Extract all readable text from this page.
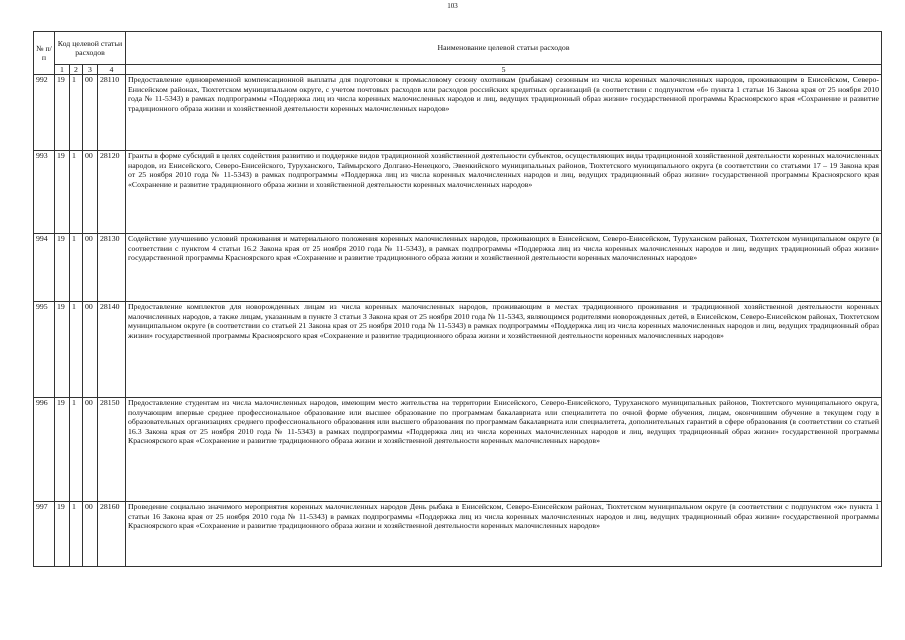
103
№ п/п	Код целевой статьи расходов				Наименование целевой статьи расходов
	1	2	3	4	5
992	19	1	00	28110	Предоставление единовременной компенсационной выплаты для подготовки к промысловому сезону охотникам (рыбакам) сезонным из числа коренных малочисленных народов, проживающим в Енисейском, Северо-Енисейском районах, Тюхтетском муниципальном округе, с учетом почтовых расходов или расходов российских кредитных организаций (в соответствии с подпунктом «б» пункта 1 статьи 16 Закона края от 25 ноября 2010 года № 11-5343) в рамках подпрограммы «Поддержка лиц из числа коренных малочисленных народов и лиц, ведущих традиционный образ жизни» государственной программы Красноярского края «Сохранение и развитие традиционного образа жизни и хозяйственной деятельности коренных малочисленных народов»
993	19	1	00	28120	Гранты в форме субсидий в целях содействия развитию и поддержке видов традиционной хозяйственной деятельности субъектов, осуществляющих виды традиционной хозяйственной деятельности коренных малочисленных народов, из Енисейского, Северо-Енисейского, Туруханского, Таймырского Долгано-Ненецкого, Эвенкийского муниципальных районов, Тюхтетского муниципального округа (в соответствии со статьями 17 – 19 Закона края от 25 ноября 2010 года № 11-5343) в рамках подпрограммы «Поддержка лиц из числа коренных малочисленных народов и лиц, ведущих традиционный образ жизни» государственной программы Красноярского края «Сохранение и развитие традиционного образа жизни и хозяйственной деятельности коренных малочисленных народов»
994	19	1	00	28130	Содействие улучшению условий проживания и материального положения коренных малочисленных народов, проживающих в Енисейском, Северо-Енисейском, Туруханском районах, Тюхтетском муниципальном округе (в соответствии с пунктом 4 статьи 16.2 Закона края от 25 ноября 2010 года № 11-5343), в рамках подпрограммы «Поддержка лиц из числа коренных малочисленных народов и лиц, ведущих традиционный образ жизни» государственной программы Красноярского края «Сохранение и развитие традиционного образа жизни и хозяйственной деятельности коренных малочисленных народов»
995	19	1	00	28140	Предоставление комплектов для новорожденных лицам из числа коренных малочисленных народов, проживающим в местах традиционного проживания и традиционной хозяйственной деятельности коренных малочисленных народов, а также лицам, указанным в пункте 3 статьи 3 Закона края от 25 ноября 2010 года № 11-5343, являющимся родителями новорожденных детей, в Енисейском, Северо-Енисейском районах, Тюхтетском муниципальном округе (в соответствии со статьей 21 Закона края от 25 ноября 2010 года № 11-5343) в рамках подпрограммы «Поддержка лиц из числа коренных малочисленных народов и лиц, ведущих традиционный образ жизни» государственной программы Красноярского края «Сохранение и развитие традиционного образа жизни и хозяйственной деятельности коренных малочисленных народов»
996	19	1	00	28150	Предоставление студентам из числа малочисленных народов, имеющим место жительства на территории Енисейского, Северо-Енисейского, Туруханского муниципальных районов, Тюхтетского муниципального округа, получающим впервые среднее профессиональное образование или высшее образование по программам бакалавриата или специалитета по очной форме обучения, лицам, окончившим обучение в текущем году в образовательных организациях среднего профессионального образования или высшего образования по программам бакалавриата или специалитета, дополнительных гарантий в сфере образования (в соответствии со статьей 16.3 Закона края от 25 ноября 2010 года № 11-5343) в рамках подпрограммы «Поддержка лиц из числа коренных малочисленных народов и лиц, ведущих традиционный образ жизни» государственной программы Красноярского края «Сохранение и развитие традиционного образа жизни и хозяйственной деятельности коренных малочисленных народов»
997	19	1	00	28160	Проведение социально значимого мероприятия коренных малочисленных народов День рыбака в Енисейском, Северо-Енисейском районах, Тюхтетском муниципальном округе (в соответствии с подпунктом «ж» пункта 1 статьи 16 Закона края от 25 ноября 2010 года № 11-5343) в рамках подпрограммы «Поддержка лиц из числа коренных малочисленных народов и лиц, ведущих традиционный образ жизни» государственной программы Красноярского края «Сохранение и развитие традиционного образа жизни и хозяйственной деятельности коренных малочисленных народов»
